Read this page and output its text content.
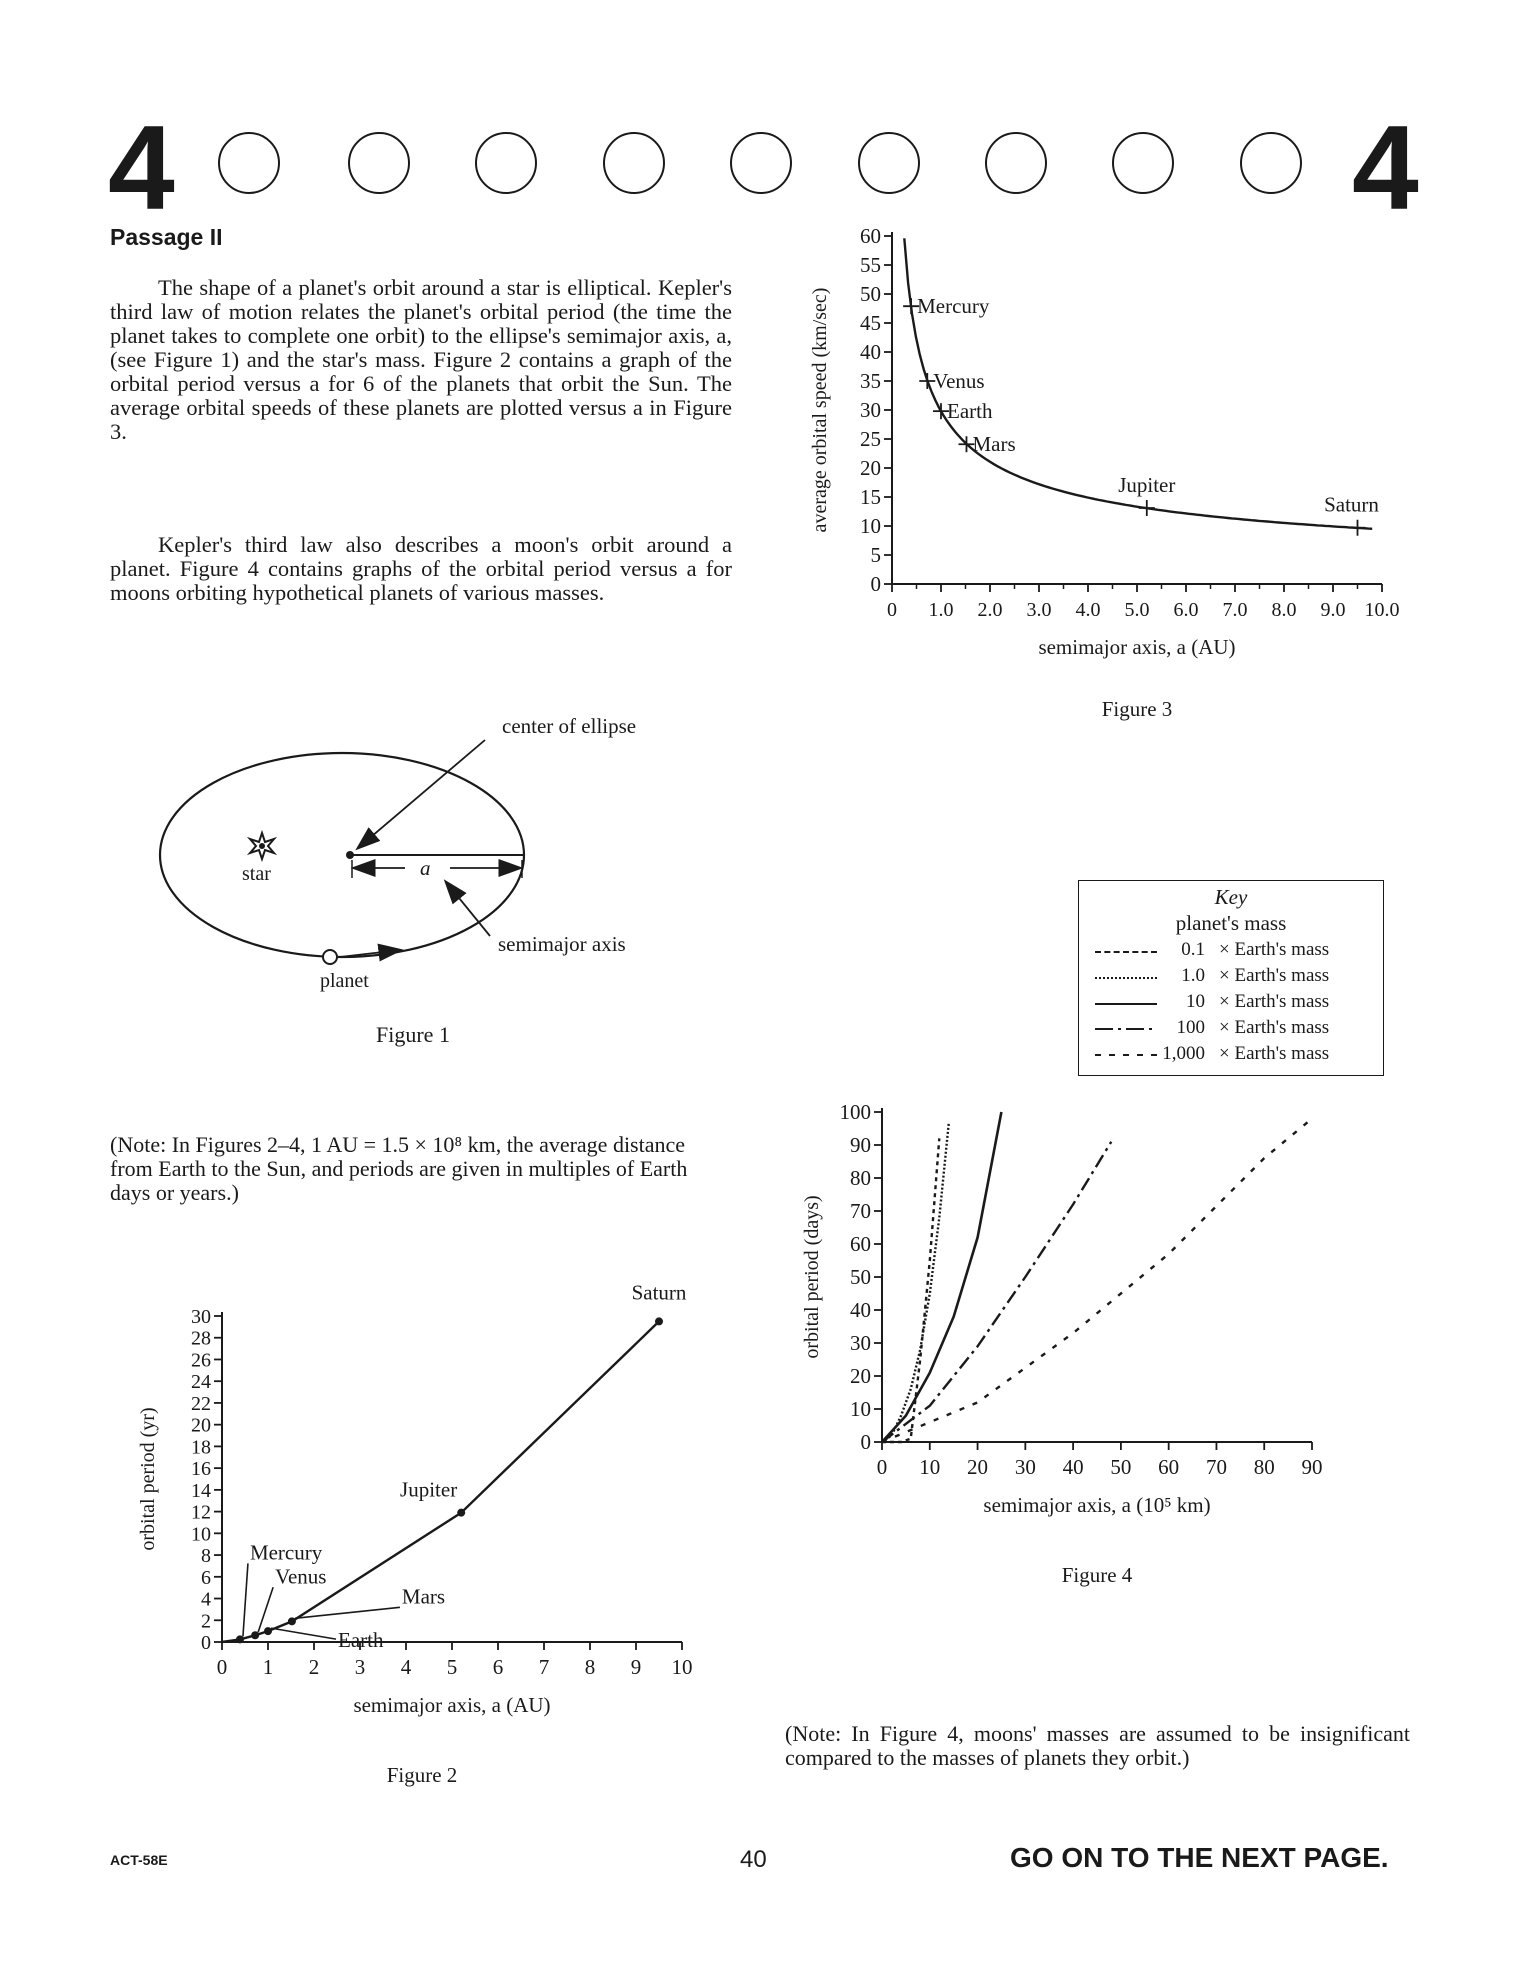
4	4
Passage II
The shape of a planet's orbit around a star is elliptical. Kepler's third law of motion relates the planet's orbital period (the time the planet takes to complete one orbit) to the ellipse's semimajor axis, a, (see Figure 1) and the star's mass. Figure 2 contains a graph of the orbital period versus a for 6 of the planets that orbit the Sun. The average orbital speeds of these planets are plotted versus a in Figure 3.
Kepler's third law also describes a moon's orbit around a planet. Figure 4 contains graphs of the orbital period versus a for moons orbiting hypothetical planets of various masses.
(Note: In Figures 2–4, 1 AU = 1.5 × 10⁸ km, the average distance from Earth to the Sun, and periods are given in multiples of Earth days or years.)
(Note: In Figure 4, moons' masses are assumed to be insignificant compared to the masses of planets they orbit.)
star	a
center of ellipse
semimajor axis
planet
Figure 1
0 1 2 3 4 5 6 7 8 9 10
0
2
4
6
8
10
12
14
16
18
20
22
24
26
28
30
semimajor axis, a (AU)
orbital period (yr)
Figure 2
Mercury
Venus
Earth
Mars
Jupiter
Saturn
0 1.0 2.0 3.0 4.0 5.0 6.0 7.0 8.0 9.0 10.0
0
5
10
15
20
25
30
35
40
45
50
55
60
semimajor axis, a (AU)
average orbital speed (km/sec)
Figure 3
Mercury
Venus
Earth
Mars
Jupiter
Saturn
Key
planet's mass
0.1 × Earth's mass
1.0 × Earth's mass
10 × Earth's mass
100 × Earth's mass
1,000 × Earth's mass
0 10 20 30 40 50 60 70 80 90
0
10
20
30
40
50
60
70
80
90
100
semimajor axis, a (10⁵ km)
orbital period (days)
Figure 4
ACT-58E	40	GO ON TO THE NEXT PAGE.
